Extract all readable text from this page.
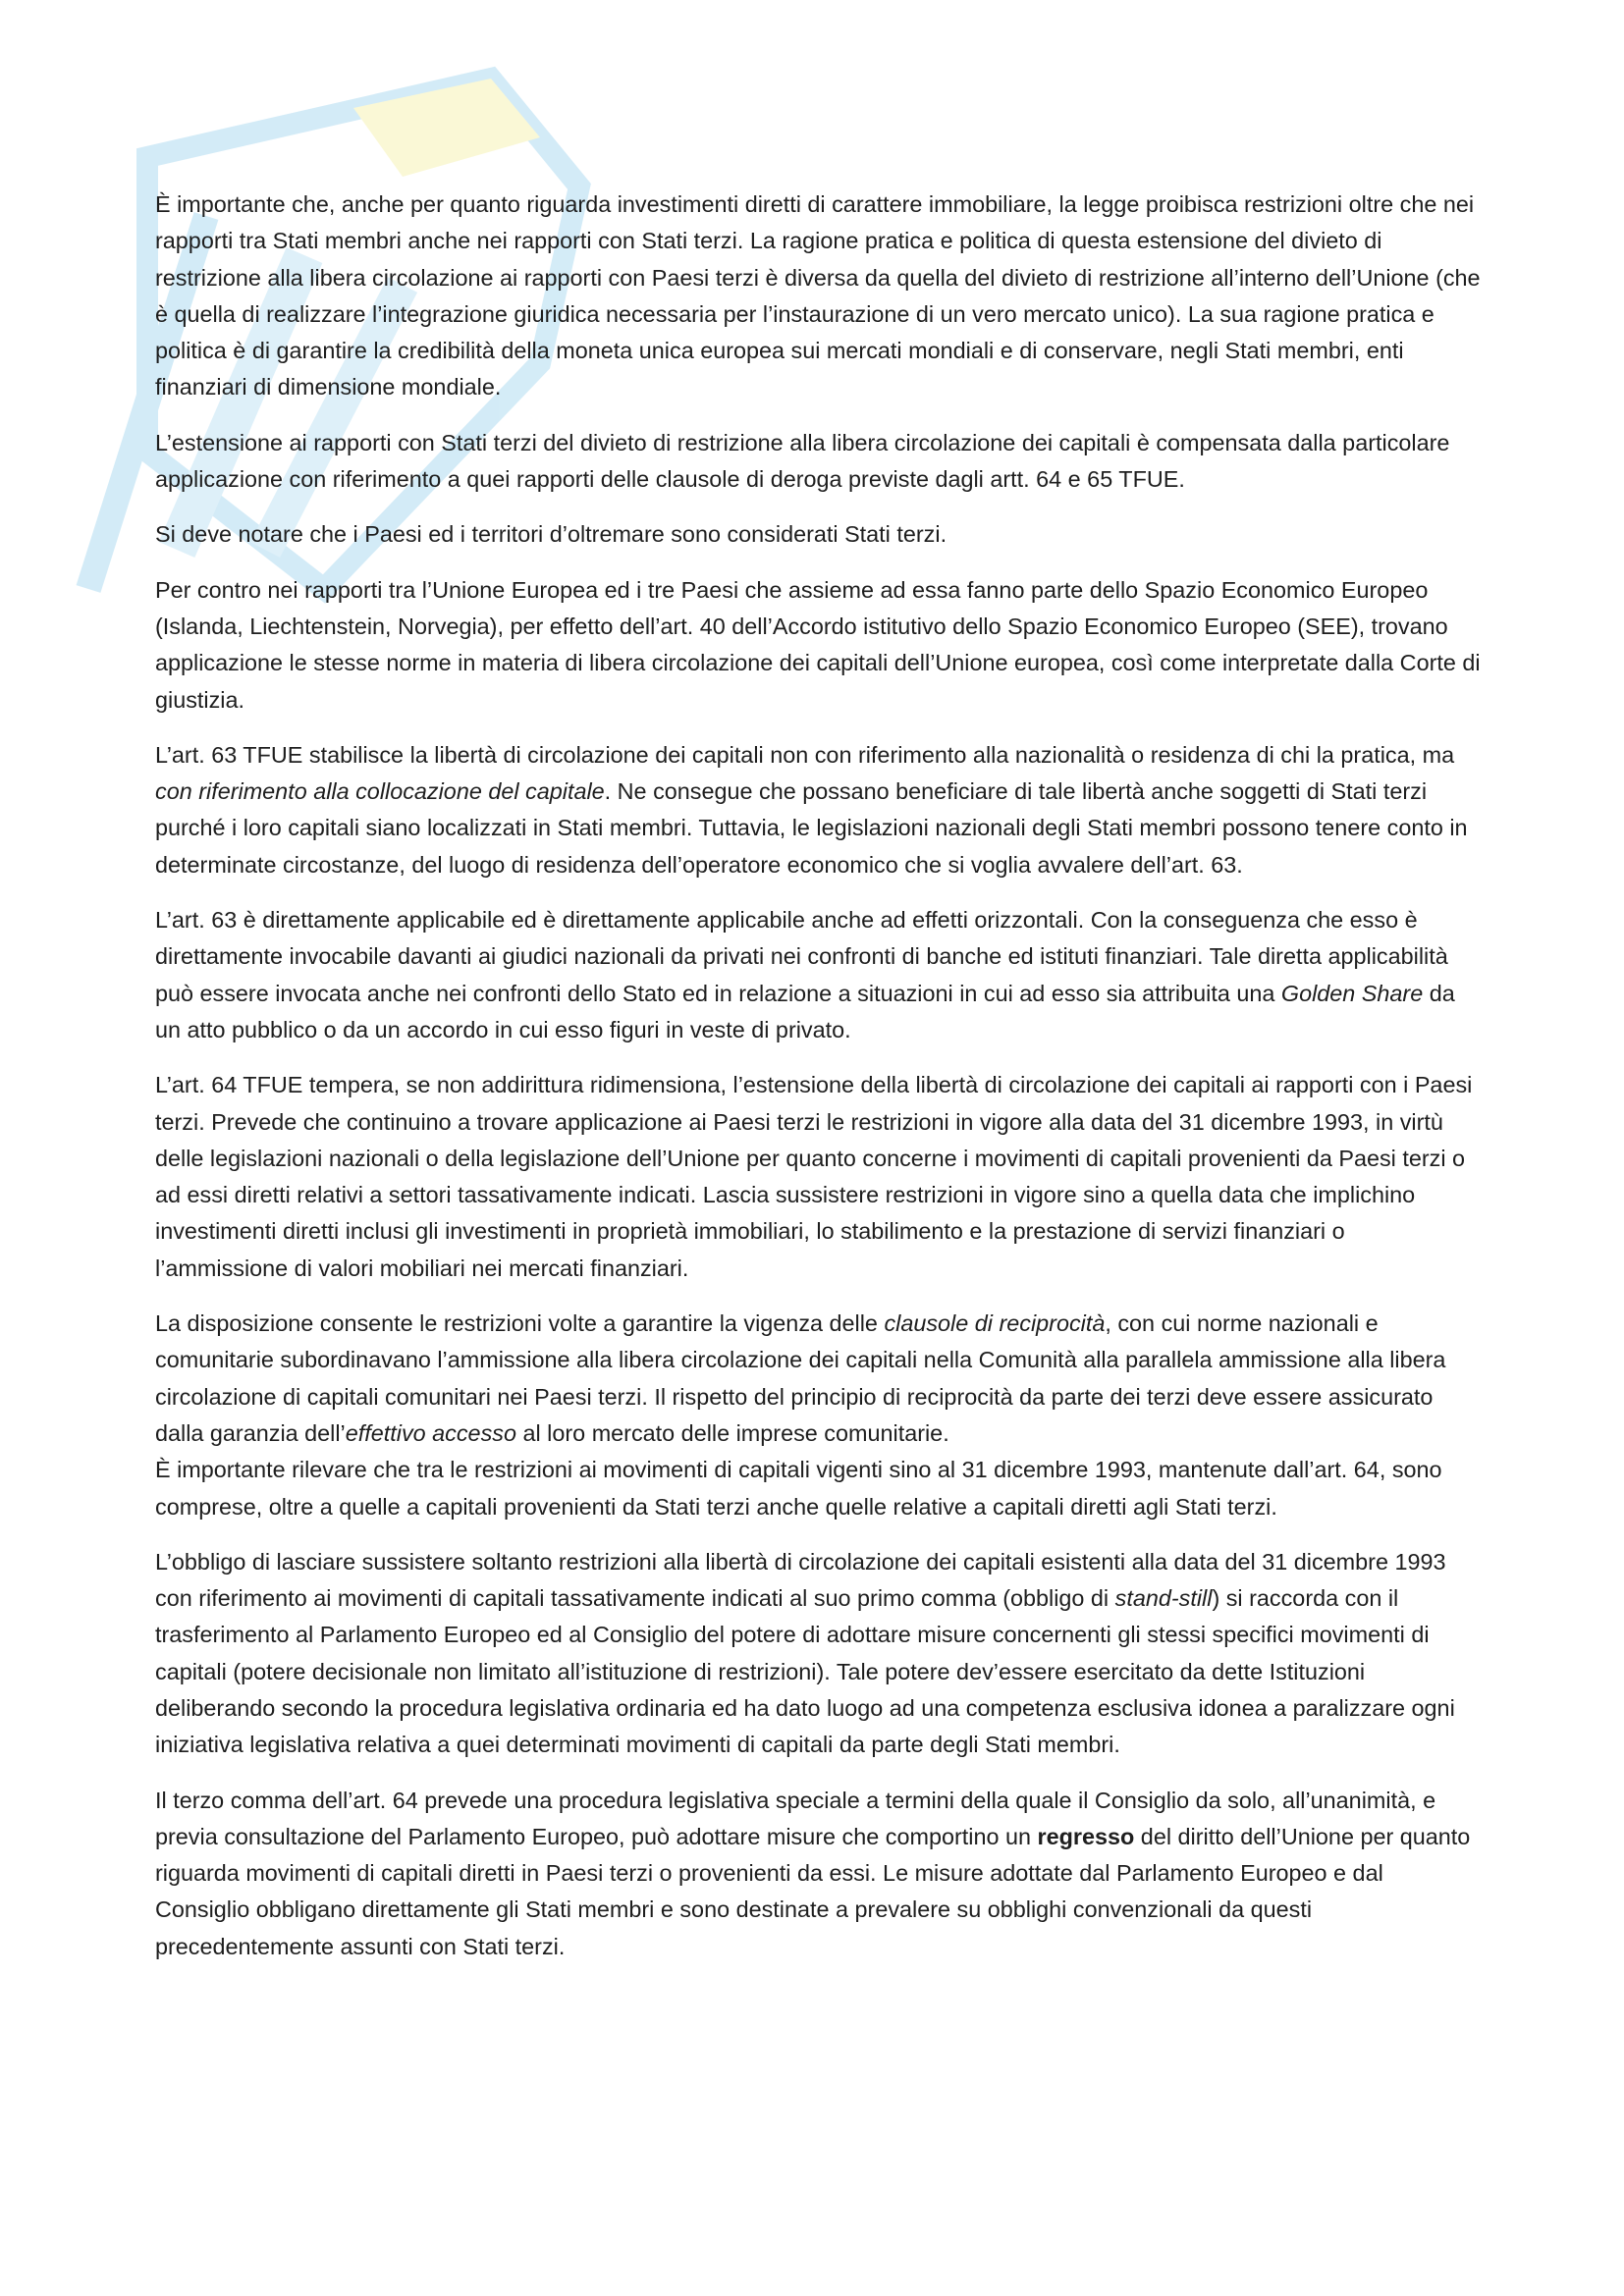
È importante che, anche per quanto riguarda investimenti diretti di carattere immobiliare, la legge proibisca restrizioni oltre che nei rapporti tra Stati membri anche nei rapporti con Stati terzi. La ragione pratica e politica di questa estensione del divieto di restrizione alla libera circolazione ai rapporti con Paesi terzi è diversa da quella del divieto di restrizione all’interno dell’Unione (che è quella di realizzare l’integrazione giuridica necessaria per l’instaurazione di un vero mercato unico). La sua ragione pratica e politica è di garantire la credibilità della moneta unica europea sui mercati mondiali e di conservare, negli Stati membri, enti finanziari di dimensione mondiale.

L’estensione ai rapporti con Stati terzi del divieto di restrizione alla libera circolazione dei capitali è compensata dalla particolare applicazione con riferimento a quei rapporti delle clausole di deroga previste dagli artt. 64 e 65 TFUE.

Si deve notare che i Paesi ed i territori d’oltremare sono considerati Stati terzi.

Per contro nei rapporti tra l’Unione Europea ed i tre Paesi che assieme ad essa fanno parte dello Spazio Economico Europeo (Islanda, Liechtenstein, Norvegia), per effetto dell’art. 40 dell’Accordo istitutivo dello Spazio Economico Europeo (SEE), trovano applicazione le stesse norme in materia di libera circolazione dei capitali dell’Unione europea, così come interpretate dalla Corte di giustizia.

L’art. 63 TFUE stabilisce la libertà di circolazione dei capitali non con riferimento alla nazionalità o residenza di chi la pratica, ma con riferimento alla collocazione del capitale. Ne consegue che possano beneficiare di tale libertà anche soggetti di Stati terzi purché i loro capitali siano localizzati in Stati membri. Tuttavia, le legislazioni nazionali degli Stati membri possono tenere conto in determinate circostanze, del luogo di residenza dell’operatore economico che si voglia avvalere dell’art. 63.

L’art. 63 è direttamente applicabile ed è direttamente applicabile anche ad effetti orizzontali. Con la conseguenza che esso è direttamente invocabile davanti ai giudici nazionali da privati nei confronti di banche ed istituti finanziari. Tale diretta applicabilità può essere invocata anche nei confronti dello Stato ed in relazione a situazioni in cui ad esso sia attribuita una Golden Share da un atto pubblico o da un accordo in cui esso figuri in veste di privato.

L’art. 64 TFUE tempera, se non addirittura ridimensiona, l’estensione della libertà di circolazione dei capitali ai rapporti con i Paesi terzi. Prevede che continuino a trovare applicazione ai Paesi terzi le restrizioni in vigore alla data del 31 dicembre 1993, in virtù delle legislazioni nazionali o della legislazione dell’Unione per quanto concerne i movimenti di capitali provenienti da Paesi terzi o ad essi diretti relativi a settori tassativamente indicati. Lascia sussistere restrizioni in vigore sino a quella data che implichino investimenti diretti inclusi gli investimenti in proprietà immobiliari, lo stabilimento e la prestazione di servizi finanziari o l’ammissione di valori mobiliari nei mercati finanziari.

La disposizione consente le restrizioni volte a garantire la vigenza delle clausole di reciprocità, con cui norme nazionali e comunitarie subordinavano l’ammissione alla libera circolazione dei capitali nella Comunità alla parallela ammissione alla libera circolazione di capitali comunitari nei Paesi terzi. Il rispetto del principio di reciprocità da parte dei terzi deve essere assicurato dalla garanzia dell’effettivo accesso al loro mercato delle imprese comunitarie.
È importante rilevare che tra le restrizioni ai movimenti di capitali vigenti sino al 31 dicembre 1993, mantenute dall’art. 64, sono comprese, oltre a quelle a capitali provenienti da Stati terzi anche quelle relative a capitali diretti agli Stati terzi.

L’obbligo di lasciare sussistere soltanto restrizioni alla libertà di circolazione dei capitali esistenti alla data del 31 dicembre 1993 con riferimento ai movimenti di capitali tassativamente indicati al suo primo comma (obbligo di stand-still) si raccorda con il trasferimento al Parlamento Europeo ed al Consiglio del potere di adottare misure concernenti gli stessi specifici movimenti di capitali (potere decisionale non limitato all’istituzione di restrizioni). Tale potere dev’essere esercitato da dette Istituzioni deliberando secondo la procedura legislativa ordinaria ed ha dato luogo ad una competenza esclusiva idonea a paralizzare ogni iniziativa legislativa relativa a quei determinati movimenti di capitali da parte degli Stati membri.

Il terzo comma dell’art. 64 prevede una procedura legislativa speciale a termini della quale il Consiglio da solo, all’unanimità, e previa consultazione del Parlamento Europeo, può adottare misure che comportino un regresso del diritto dell’Unione per quanto riguarda movimenti di capitali diretti in Paesi terzi o provenienti da essi. Le misure adottate dal Parlamento Europeo e dal Consiglio obbligano direttamente gli Stati membri e sono destinate a prevalere su obblighi convenzionali da questi precedentemente assunti con Stati terzi.
